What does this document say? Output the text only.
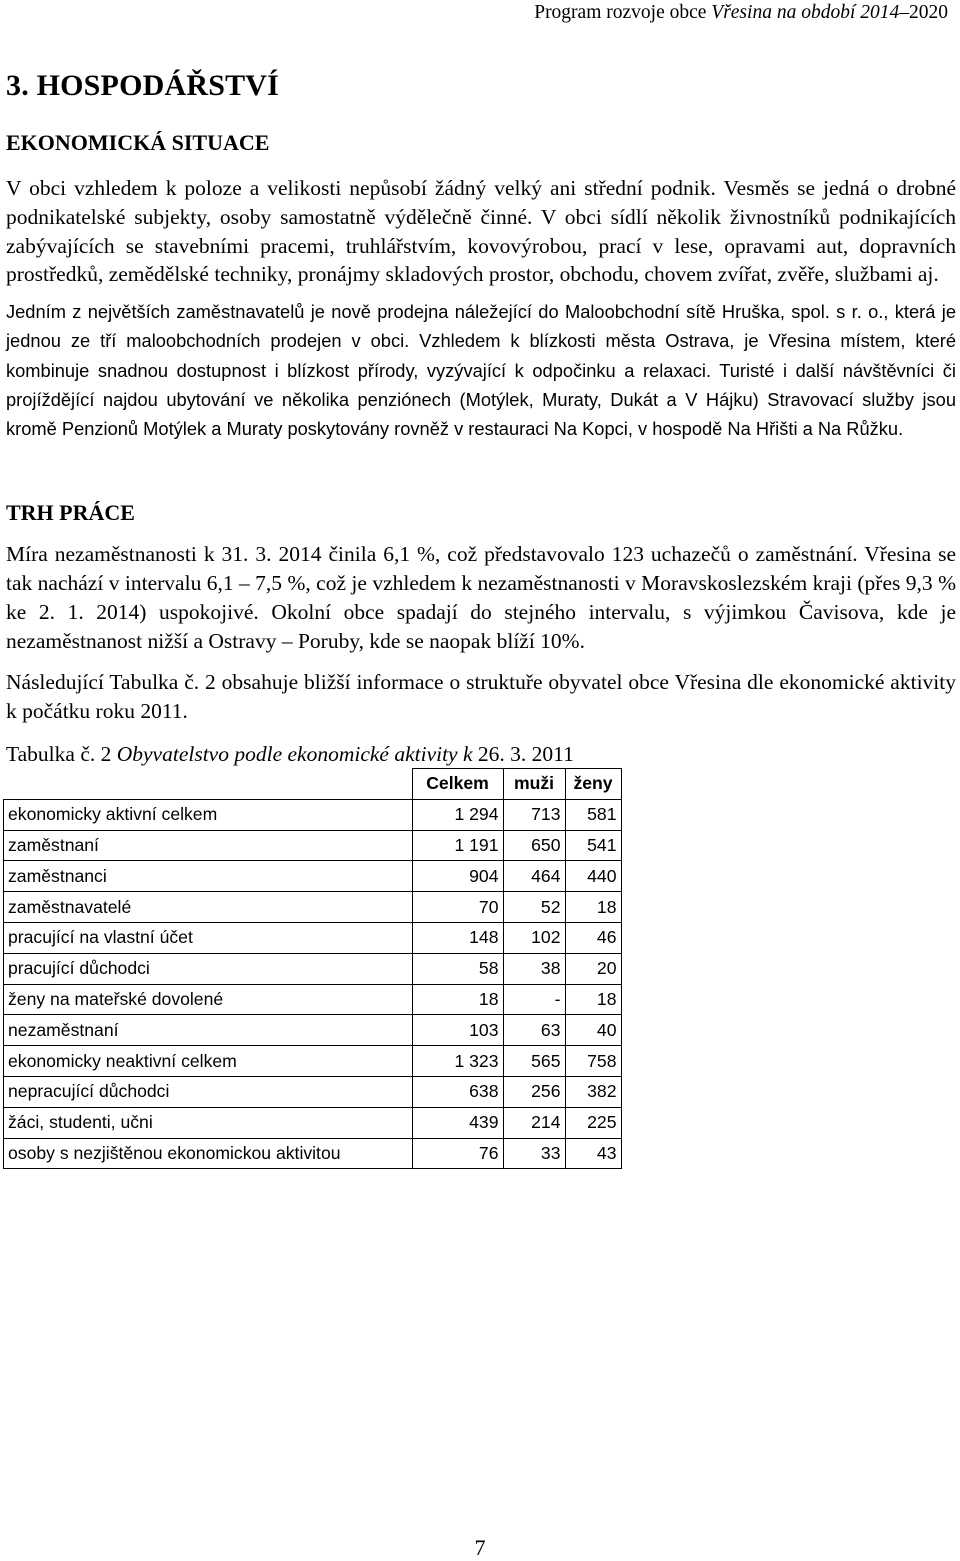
Program rozvoje obce Vřesina na období 2014–2020
3. HOSPODÁŘSTVÍ
EKONOMICKÁ SITUACE

V obci vzhledem k poloze a velikosti nepůsobí žádný velký ani střední podnik. Vesměs se jedná o drobné podnikatelské subjekty, osoby samostatně výdělečně činné. V obci sídlí několik živnostníků podnikajících zabývajících se stavebními pracemi, truhlářstvím, kovovýrobou, prací v lese, opravami aut, dopravních prostředků, zemědělské techniky, pronájmy skladových prostor, obchodu, chovem zvířat, zvěře, službami aj.

Jedním z největších zaměstnavatelů je nově prodejna náležející do Maloobchodní sítě Hruška, spol. s r. o., která je jednou ze tří maloobchodních prodejen v obci. Vzhledem k blízkosti města Ostrava, je Vřesina místem, které kombinuje snadnou dostupnost i blízkost přírody, vyzývající k odpočinku a relaxaci. Turisté i další návštěvníci či projíždějící najdou ubytování ve několika penziónech (Motýlek, Muraty, Dukát a V Hájku) Stravovací služby jsou kromě Penzionů Motýlek a Muraty poskytovány rovněž v restauraci Na Kopci, v hospodě Na Hřišti a Na Růžku.

TRH PRÁCE

Míra nezaměstnanosti k 31. 3. 2014 činila 6,1 %, což představovalo 123 uchazečů o zaměstnání. Vřesina se tak nachází v intervalu 6,1 – 7,5 %, což je vzhledem k nezaměstnanosti v Moravskoslezském kraji (přes 9,3 % ke 2. 1. 2014) uspokojivé. Okolní obce spadají do stejného intervalu, s výjimkou Čavisova, kde je nezaměstnanost nižší a Ostravy – Poruby, kde se naopak blíží 10%.

Následující Tabulka č. 2 obsahuje bližší informace o struktuře obyvatel obce Vřesina dle ekonomické aktivity k počátku roku 2011.

Tabulka č. 2 Obyvatelstvo podle ekonomické aktivity k 26. 3. 2011
	Celkem	muži	ženy
ekonomicky aktivní celkem	1 294	713	581
zaměstnaní	1 191	650	541
zaměstnanci	904	464	440
zaměstnavatelé	70	52	18
pracující na vlastní účet	148	102	46
pracující důchodci	58	38	20
ženy na mateřské dovolené	18	-	18
nezaměstnaní	103	63	40
ekonomicky neaktivní celkem	1 323	565	758
nepracující důchodci	638	256	382
žáci, studenti, učni	439	214	225
osoby s nezjištěnou ekonomickou aktivitou	76	33	43
7
